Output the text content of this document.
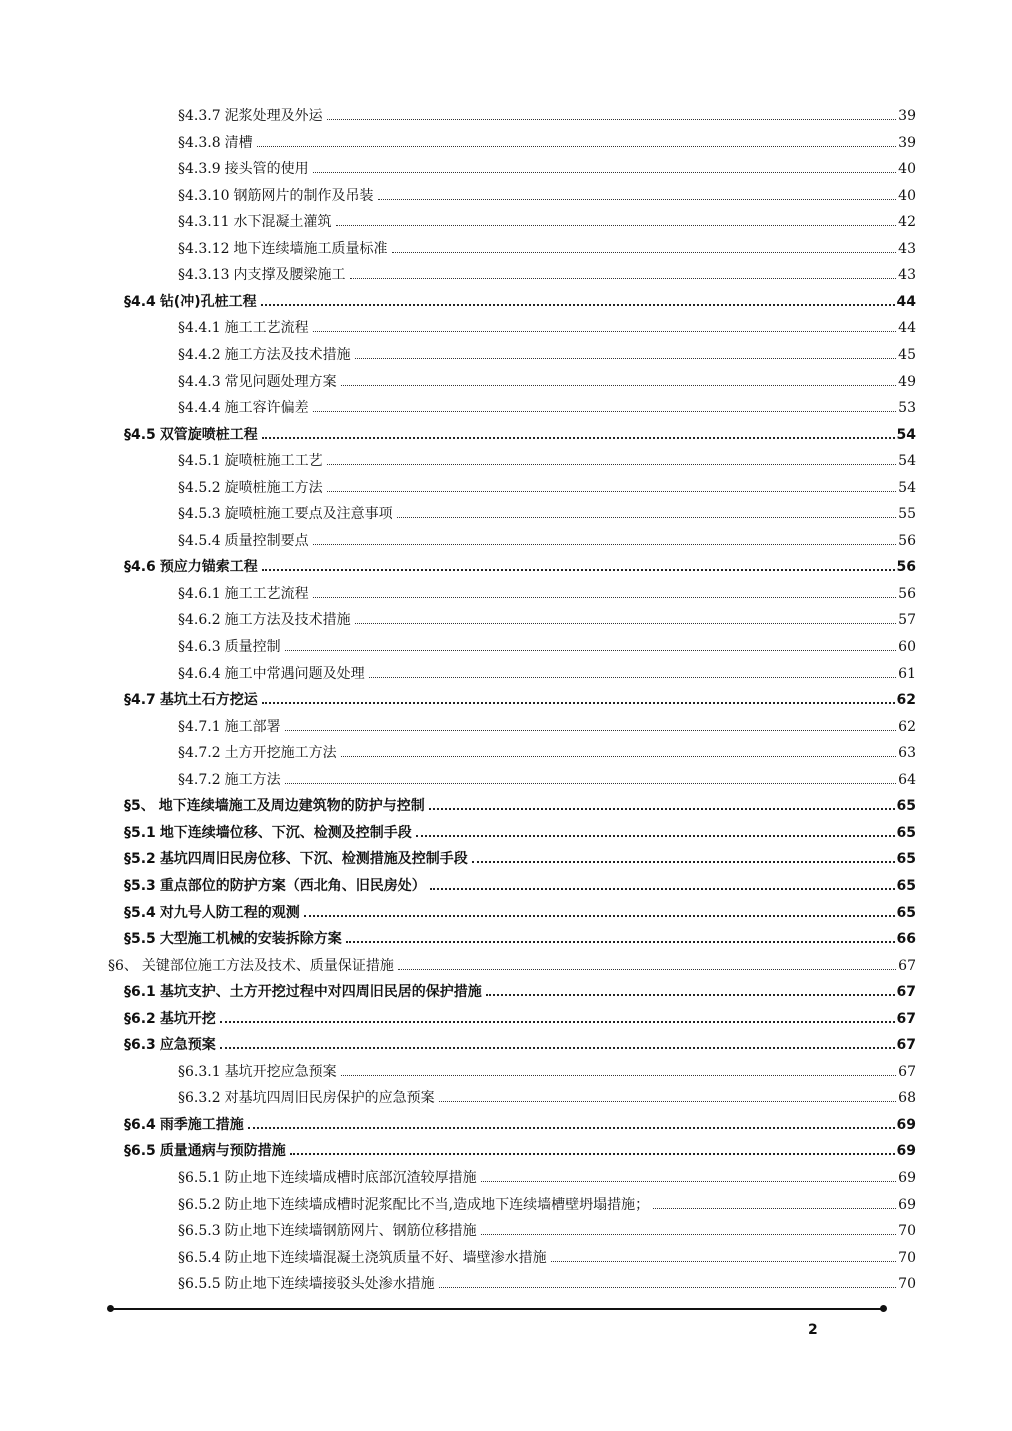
§4.3.7 泥浆处理及外运	39
§4.3.8 清槽	39
§4.3.9 接头管的使用	40
§4.3.10 钢筋网片的制作及吊装	40
§4.3.11 水下混凝土灌筑	42
§4.3.12 地下连续墙施工质量标准	43
§4.3.13 内支撑及腰梁施工	43
§4.4 钻(冲)孔桩工程	44
§4.4.1 施工工艺流程	44
§4.4.2 施工方法及技术措施	45
§4.4.3 常见问题处理方案	49
§4.4.4 施工容许偏差	53
§4.5 双管旋喷桩工程	54
§4.5.1 旋喷桩施工工艺	54
§4.5.2 旋喷桩施工方法	54
§4.5.3 旋喷桩施工要点及注意事项	55
§4.5.4 质量控制要点	56
§4.6 预应力锚索工程	56
§4.6.1 施工工艺流程	56
§4.6.2 施工方法及技术措施	57
§4.6.3 质量控制	60
§4.6.4 施工中常遇问题及处理	61
§4.7 基坑土石方挖运	62
§4.7.1 施工部署	62
§4.7.2 土方开挖施工方法	63
§4.7.2 施工方法	64
§5、 地下连续墙施工及周边建筑物的防护与控制	65
§5.1 地下连续墙位移、下沉、检测及控制手段	65
§5.2 基坑四周旧民房位移、下沉、检测措施及控制手段	65
§5.3 重点部位的防护方案（西北角、旧民房处）	65
§5.4 对九号人防工程的观测	65
§5.5 大型施工机械的安装拆除方案	66
§6、 关键部位施工方法及技术、质量保证措施	67
§6.1 基坑支护、土方开挖过程中对四周旧民居的保护措施	67
§6.2 基坑开挖	67
§6.3 应急预案	67
§6.3.1 基坑开挖应急预案	67
§6.3.2 对基坑四周旧民房保护的应急预案	68
§6.4 雨季施工措施	69
§6.5 质量通病与预防措施	69
§6.5.1 防止地下连续墙成槽时底部沉渣较厚措施	69
§6.5.2 防止地下连续墙成槽时泥浆配比不当,造成地下连续墙槽壁坍塌措施；	69
§6.5.3 防止地下连续墙钢筋网片、钢筋位移措施	70
§6.5.4 防止地下连续墙混凝土浇筑质量不好、墙壁渗水措施	70
§6.5.5 防止地下连续墙接驳头处渗水措施	70
2
